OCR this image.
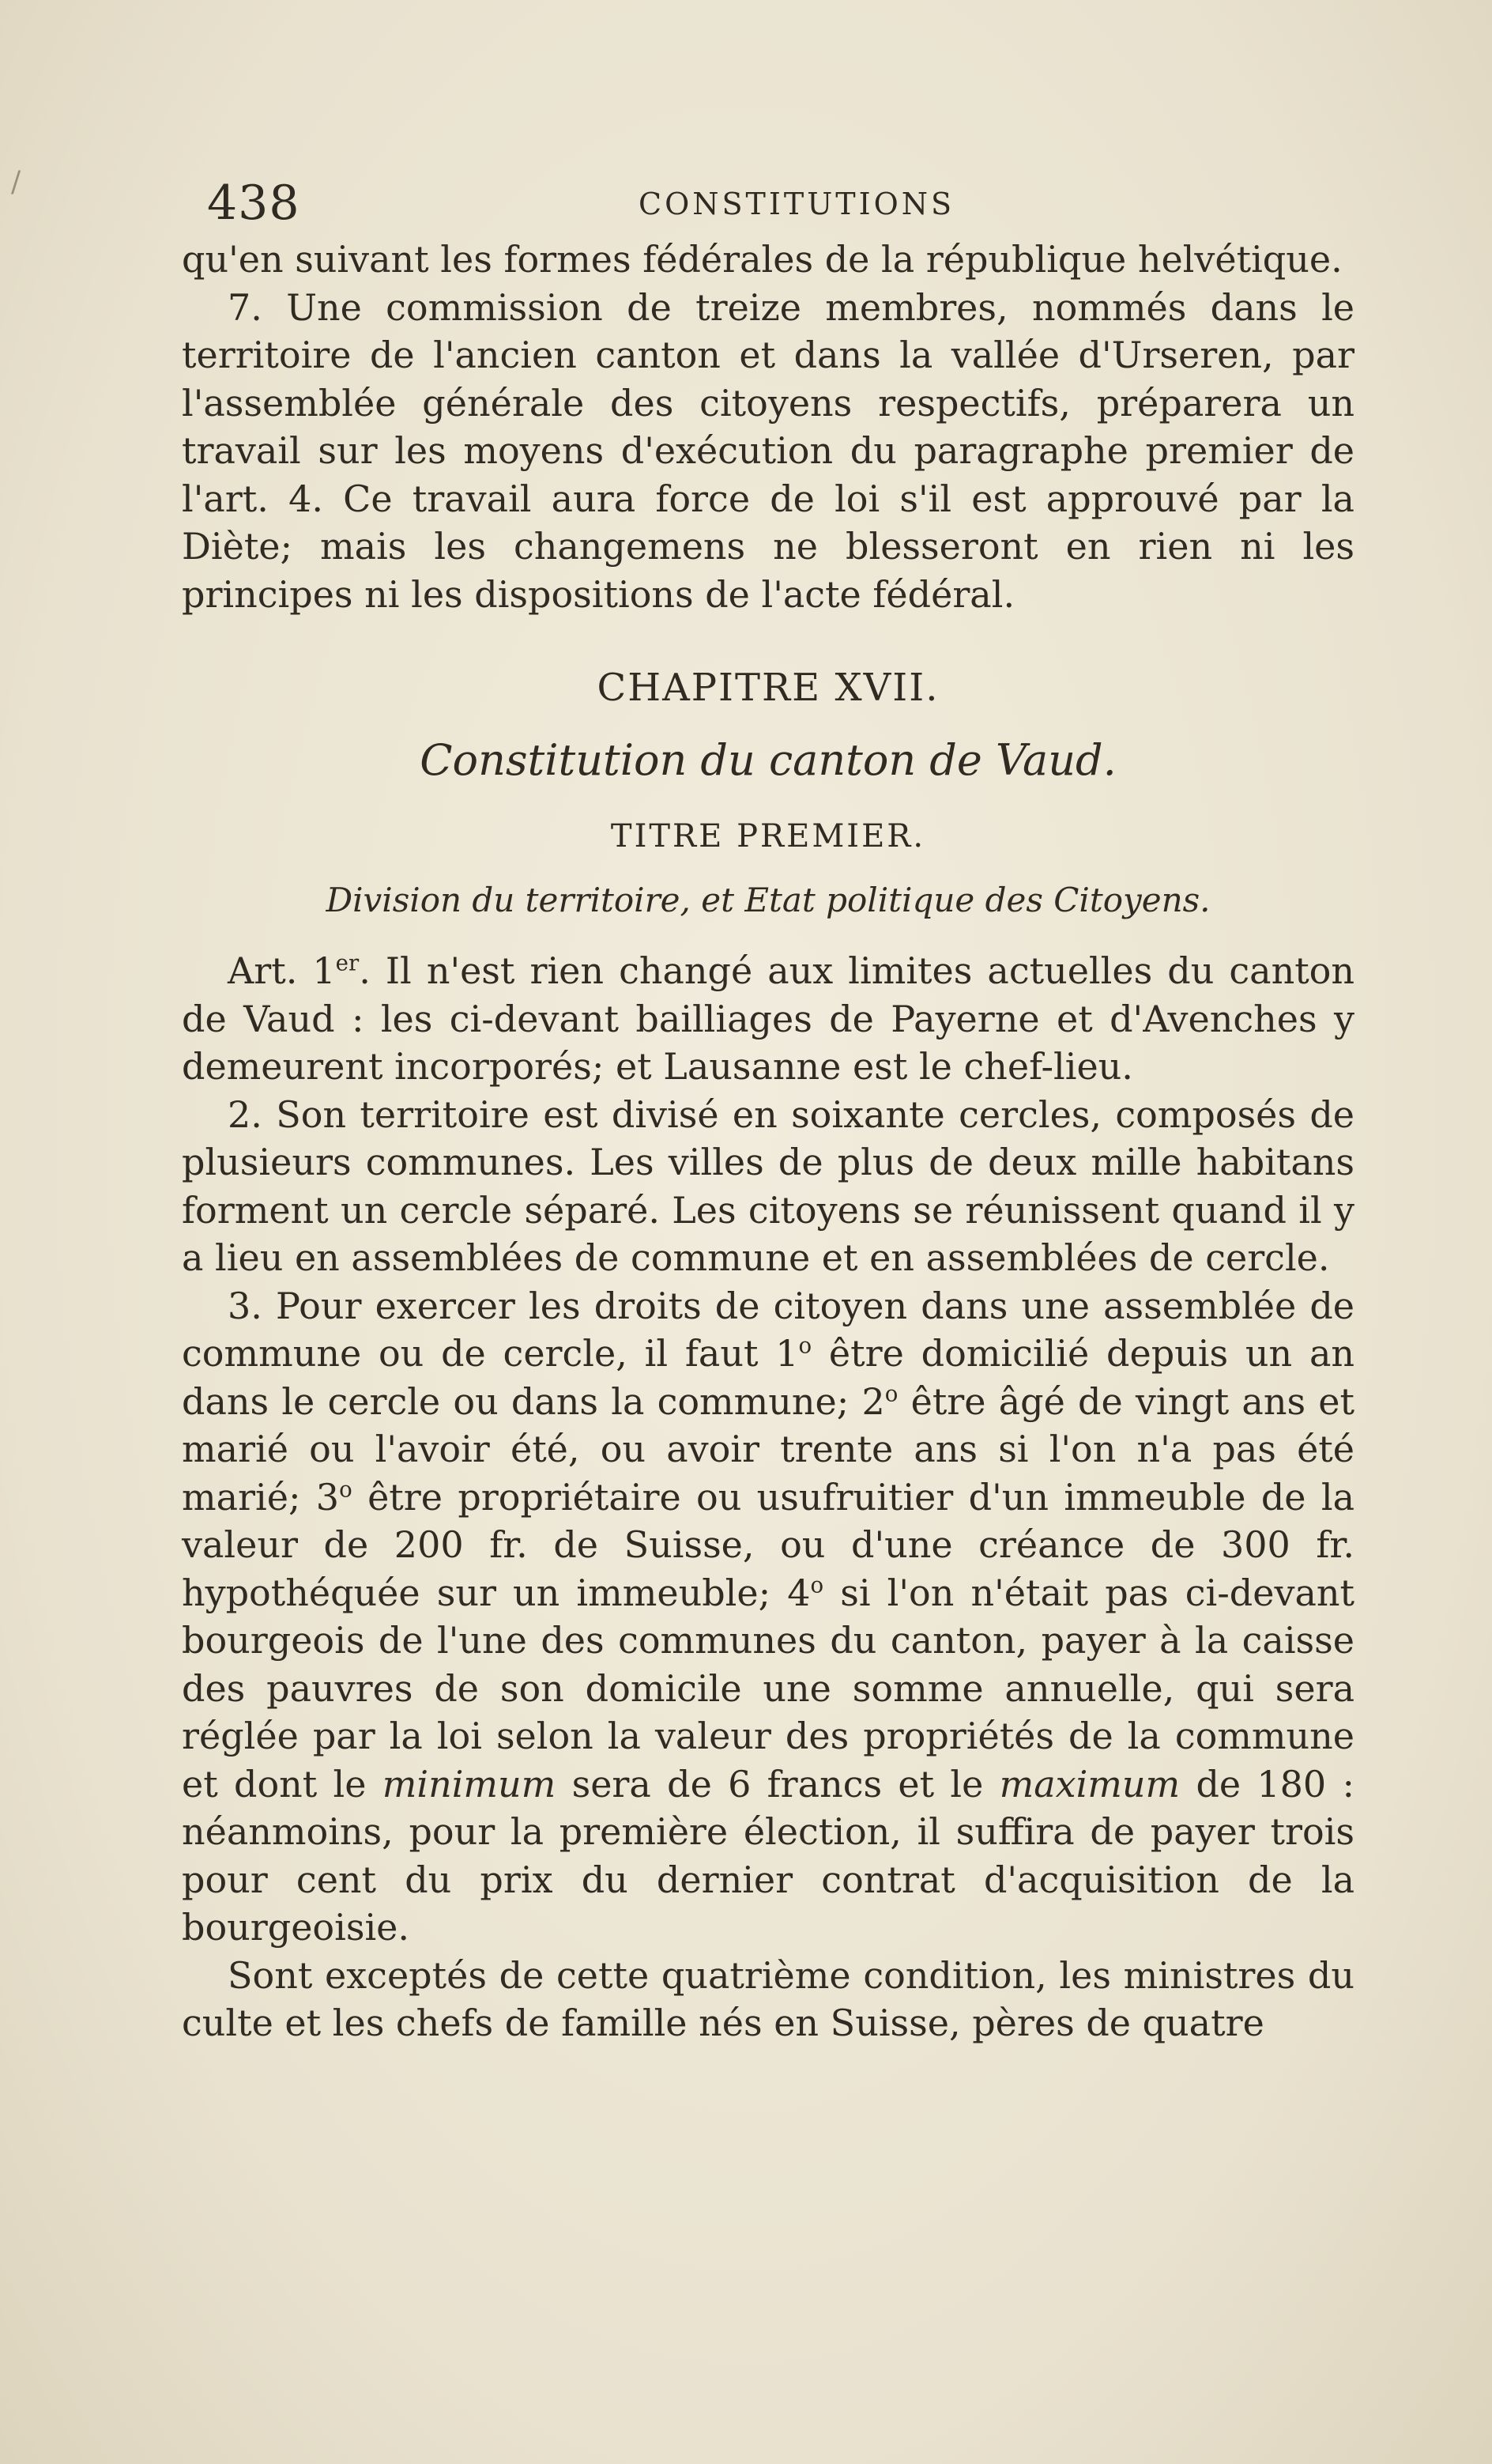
/	438	CONSTITUTIONS

qu'en suivant les formes fédérales de la république helvétique.

7. Une commission de treize membres, nommés dans le territoire de l'ancien canton et dans la vallée d'Urseren, par l'assemblée générale des citoyens respectifs, préparera un travail sur les moyens d'exécution du paragraphe premier de l'art. 4. Ce travail aura force de loi s'il est approuvé par la Diète; mais les changemens ne blesseront en rien ni les principes ni les dispositions de l'acte fédéral.

CHAPITRE XVII.
Constitution du canton de Vaud.
TITRE PREMIER.
Division du territoire, et Etat politique des Citoyens.

Art. 1er. Il n'est rien changé aux limites actuelles du canton de Vaud : les ci-devant bailliages de Payerne et d'Avenches y demeurent incorporés; et Lausanne est le chef-lieu.

2. Son territoire est divisé en soixante cercles, composés de plusieurs communes. Les villes de plus de deux mille habitans forment un cercle séparé. Les citoyens se réunissent quand il y a lieu en assemblées de commune et en assemblées de cercle.

3. Pour exercer les droits de citoyen dans une assemblée de commune ou de cercle, il faut 1$^o$ être domicilié depuis un an dans le cercle ou dans la commune; 2$^o$ être âgé de vingt ans et marié ou l'avoir été, ou avoir trente ans si l'on n'a pas été marié; 3$^o$ être propriétaire ou usufruitier d'un immeuble de la valeur de 200 fr. de Suisse, ou d'une créance de 300 fr. hypothéquée sur un immeuble; 4$^o$ si l'on n'était pas ci-devant bourgeois de l'une des communes du canton, payer à la caisse des pauvres de son domicile une somme annuelle, qui sera réglée par la loi selon la valeur des propriétés de la commune et dont le minimum sera de 6 francs et le maximum de 180 : néanmoins, pour la première élection, il suffira de payer trois pour cent du prix du dernier contrat d'acquisition de la bourgeoisie.

Sont exceptés de cette quatrième condition, les ministres du culte et les chefs de famille nés en Suisse, pères de quatre
